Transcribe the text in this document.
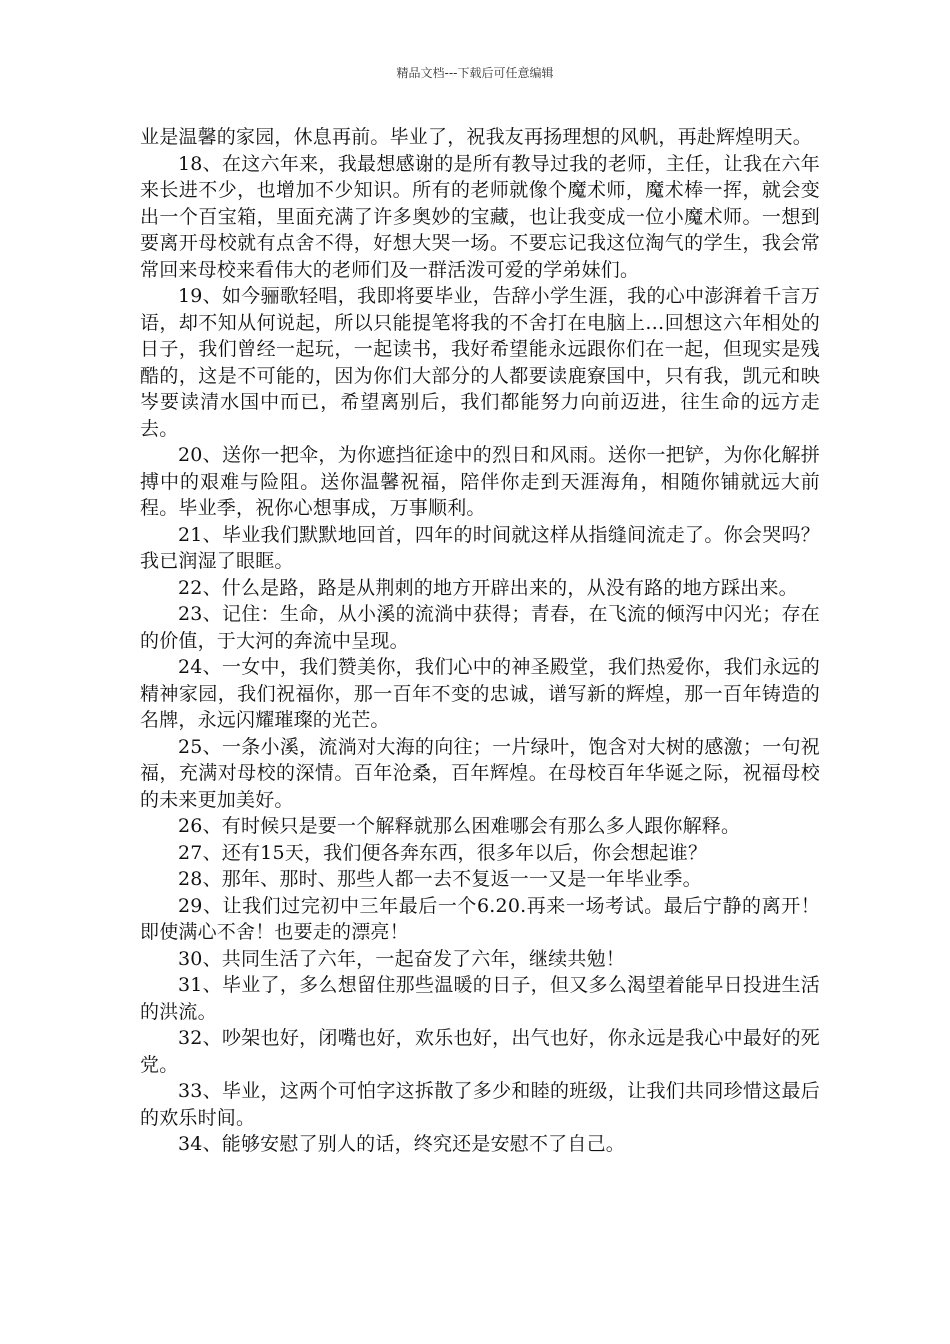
精品文档---下载后可任意编辑

业是温馨的家园，休息再前。毕业了，祝我友再扬理想的风帆，再赴辉煌明天。

18、在这六年来，我最想感谢的是所有教导过我的老师，主任，让我在六年来长进不少，也增加不少知识。所有的老师就像个魔术师，魔术棒一挥，就会变出一个百宝箱，里面充满了许多奥妙的宝藏，也让我变成一位小魔术师。一想到要离开母校就有点舍不得，好想大哭一场。不要忘记我这位淘气的学生，我会常常回来母校来看伟大的老师们及一群活泼可爱的学弟妹们。

19、如今骊歌轻唱，我即将要毕业，告辞小学生涯，我的心中澎湃着千言万语，却不知从何说起，所以只能提笔将我的不舍打在电脑上…回想这六年相处的日子，我们曾经一起玩，一起读书，我好希望能永远跟你们在一起，但现实是残酷的，这是不可能的，因为你们大部分的人都要读鹿寮国中，只有我，凯元和映岑要读清水国中而已，希望离别后，我们都能努力向前迈进，往生命的远方走去。

20、送你一把伞，为你遮挡征途中的烈日和风雨。送你一把铲，为你化解拼搏中的艰难与险阻。送你温馨祝福，陪伴你走到天涯海角，相随你铺就远大前程。毕业季，祝你心想事成，万事顺利。

21、毕业我们默默地回首，四年的时间就这样从指缝间流走了。你会哭吗？我已润湿了眼眶。

22、什么是路，路是从荆刺的地方开辟出来的，从没有路的地方踩出来。

23、记住：生命，从小溪的流淌中获得；青春，在飞流的倾泻中闪光；存在的价值，于大河的奔流中呈现。

24、一女中，我们赞美你，我们心中的神圣殿堂，我们热爱你，我们永远的精神家园，我们祝福你，那一百年不变的忠诚，谱写新的辉煌，那一百年铸造的名牌，永远闪耀璀璨的光芒。

25、一条小溪，流淌对大海的向往；一片绿叶，饱含对大树的感激；一句祝福，充满对母校的深情。百年沧桑，百年辉煌。在母校百年华诞之际，祝福母校的未来更加美好。

26、有时候只是要一个解释就那么困难哪会有那么多人跟你解释。

27、还有15天，我们便各奔东西，很多年以后，你会想起谁？

28、那年、那时、那些人都一去不复返一一又是一年毕业季。

29、让我们过完初中三年最后一个6.20.再来一场考试。最后宁静的离开！即使满心不舍！也要走的漂亮！

30、共同生活了六年，一起奋发了六年，继续共勉！

31、毕业了，多么想留住那些温暖的日子，但又多么渴望着能早日投进生活的洪流。

32、吵架也好，闭嘴也好，欢乐也好，出气也好，你永远是我心中最好的死党。

33、毕业，这两个可怕字这拆散了多少和睦的班级，让我们共同珍惜这最后的欢乐时间。

34、能够安慰了别人的话，终究还是安慰不了自己。
